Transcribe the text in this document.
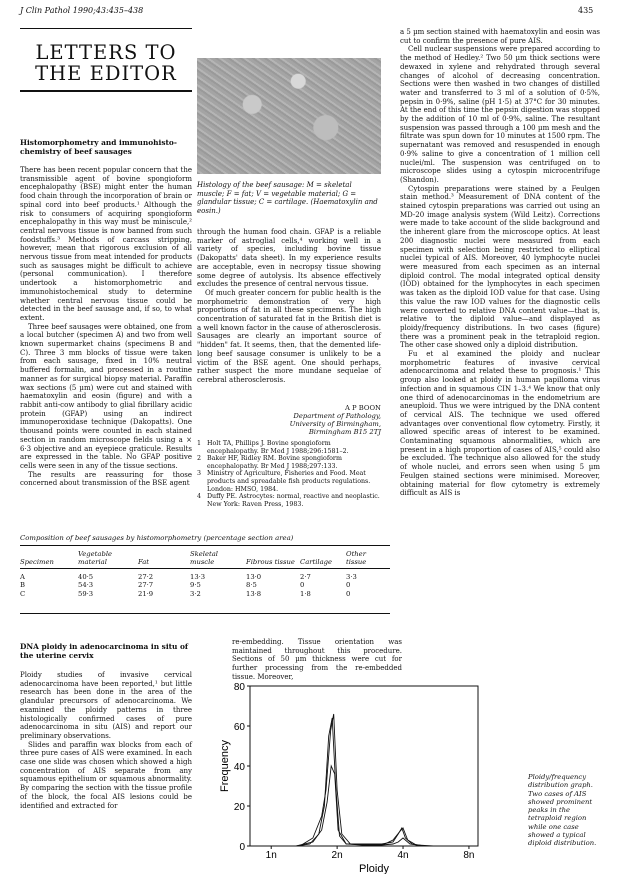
J Clin Pathol 1990;43:435–438	435
LETTERS TO
THE EDITOR
Histomorphometry and immunohisto-chemistry of beef sausages

There has been recent popular concern that the transmissible agent of bovine spongioform encephalopathy (BSE) might enter the human food chain through the incorporation of brain or spinal cord into beef products.¹ Although the risk to consumers of acquiring spongioform encephalopathy in this way must be miniscule,² central nervous tissue is now banned from such foodstuffs.³ Methods of carcass stripping, however, mean that rigorous exclusion of all nervous tissue from meat intended for products such as sausages might be difficult to achieve (personal communication). I therefore undertook a histomorphometric and immunohistochemical study to determine whether central nervous tissue could be detected in the beef sausage and, if so, to what extent.

Three beef sausages were obtained, one from a local butcher (specimen A) and two from well known supermarket chains (specimens B and C). Three 3 mm blocks of tissue were taken from each sausage, fixed in 10% neutral buffered formalin, and processed in a routine manner as for surgical biopsy material. Paraffin wax sections (5 µm) were cut and stained with haematoxylin and eosin (figure) and with a rabbit anti-cow antibody to glial fibrillary acidic protein (GFAP) using an indirect immunoperoxidase technique (Dakopatts). One thousand points were counted in each stained section in random microscope fields using a × 6·3 objective and an eyepiece graticule. Results are expressed in the table. No GFAP positive cells were seen in any of the tissue sections.

The results are reassuring for those concerned about transmission of the BSE agent

Histology of the beef sausage: M = skeletal muscle; F = fat; V = vegetable material; G = glandular tissue; C = cartilage. (Haematoxylin and eosin.)

through the human food chain. GFAP is a reliable marker of astroglial cells,⁴ working well in a variety of species, including bovine tissue (Dakopatts' data sheet). In my experience results are acceptable, even in necropsy tissue showing some degree of autolysis. Its absence effectively excludes the presence of central nervous tissue.

Of much greater concern for public health is the morphometric demonstration of very high proportions of fat in all these specimens. The high concentration of saturated fat in the British diet is a well known factor in the cause of atherosclerosis. Sausages are clearly an important source of "hidden" fat. It seems, then, that the demented life-long beef sausage consumer is unlikely to be a victim of the BSE agent. One should perhaps, rather suspect the more mundane sequelae of cerebral atherosclerosis.

A P BOON
Department of Pathology,
University of Birmingham,
Birmingham B15 2TJ
1 Holt TA, Phillips J. Bovine spongioform encephalopathy. Br Med J 1988;296:1581–2.
2 Baker HF, Ridley RM. Bovine spongioform encephalopathy. Br Med J 1988;297:133.
3 Ministry of Agriculture, Fisheries and Food. Meat products and spreadable fish products regulations. London: HMSO, 1984.
4 Duffy PE. Astrocytes: normal, reactive and neoplastic. New York: Raven Press, 1983.
Composition of beef sausages by histomorphometry (percentage section area)
Specimen	Vegetable material	Fat	Skeletal muscle	Fibrous tissue	Cartilage	Other tissue

A	40·5	27·2	13·3	13·0	2·7	3·3
B	54·3	27·7	9·5	8·5	0	0
C	59·3	21·9	3·2	13·8	1·8	0
DNA ploidy in adenocarcinoma in situ of the uterine cervix

Ploidy studies of invasive cervical adenocarcinoma have been reported,¹ but little research has been done in the area of the glandular precursors of adenocarcinoma. We examined the ploidy patterns in three histologically confirmed cases of pure adenocarcinoma in situ (AIS) and report our preliminary observations.

Slides and paraffin wax blocks from each of three pure cases of AIS were examined. In each case one slide was chosen which showed a high concentration of AIS separate from any squamous epithelium or squamous abnormality. By comparing the section with the tissue profile of the block, the focal AIS lesions could be identified and extracted for

re-embedding. Tissue orientation was maintained throughout this procedure. Sections of 50 µm thickness were cut for further processing from the re-embedded tissue. Moreover,
0
20
40
60
80
1n	2n	4n	8n
Ploidy
Frequency	Ploidy/frequency distribution graph. Two cases of AIS showed prominent peaks in the tetraploid region while one case showed a typical diploid distribution.

a 5 µm section stained with haematoxylin and eosin was cut to confirm the presence of pure AIS.

Cell nuclear suspensions were prepared according to the method of Hedley.² Two 50 µm thick sections were dewaxed in xylene and rehydrated through several changes of alcohol of decreasing concentration. Sections were then washed in two changes of distilled water and transferred to 3 ml of a solution of 0·5%, pepsin in 0·9%, saline (pH 1·5) at 37°C for 30 minutes. At the end of this time the pepsin digestion was stopped by the addition of 10 ml of 0·9%, saline. The resultant suspension was passed through a 100 µm mesh and the filtrate was spun down for 10 minutes at 1500 rpm. The supernatant was removed and resuspended in enough 0·9% saline to give a concentration of 1 million cell nuclei/ml. The suspension was centrifuged on to microscope slides using a cytospin microcentrifuge (Shandon).

Cytospin preparations were stained by a Feulgen stain method.³ Measurement of DNA content of the stained cytospin preparations was carried out using an MD-20 image analysis system (Wild Leitz). Corrections were made to take account of the slide background and the inherent glare from the microscope optics. At least 200 diagnostic nuclei were measured from each specimen with selection being restricted to elliptical nuclei typical of AIS. Moreover, 40 lymphocyte nuclei were measured from each specimen as an internal diploid control. The modal integrated optical density (IOD) obtained for the lymphocytes in each specimen was taken as the diploid IOD value for that case. Using this value the raw IOD values for the diagnostic cells were converted to relative DNA content value—that is, relative to the diploid value—and displayed as ploidy/frequency distributions. In two cases (figure) there was a prominent peak in the tetraploid region. The other case showed only a diploid distribution.

Fu et al examined the ploidy and nuclear morphometric features of invasive cervical adenocarcinoma and related these to prognosis.¹ This group also looked at ploidy in human papilloma virus infection and in squamous CIN 1–3.⁴ We know that only one third of adenocarcinomas in the endometrium are aneuploid. Thus we were intrigued by the DNA content of cervical AIS. The technique we used offered advantages over conventional flow cytometry. Firstly, it allowed specific areas of interest to be examined. Contaminating squamous abnormalities, which are present in a high proportion of cases of AIS,⁵ could also be excluded. The technique also allowed for the study of whole nuclei, and errors seen when using 5 µm Feulgen stained sections were minimised. Moreover, obtaining material for flow cytometry is extremely difficult as AIS is
